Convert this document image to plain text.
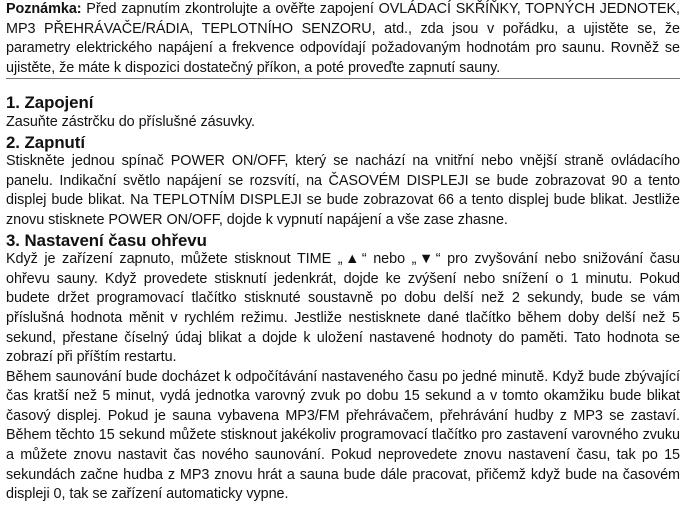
Poznámka: Před zapnutím zkontrolujte a ověřte zapojení OVLÁDACÍ SKŘÍŇKY, TOPNÝCH JEDNOTEK, MP3 PŘEHRÁVAČE/RÁDIA, TEPLOTNÍHO SENZORU, atd., zda jsou v pořádku, a ujistěte se, že parametry elektrického napájení a frekvence odpovídají požadovaným hodnotám pro saunu. Rovněž se ujistěte, že máte k dispozici dostatečný příkon, a poté proveďte zapnutí sauny.

1. Zapojení

Zasuňte zástrčku do příslušné zásuvky.

2. Zapnutí

Stiskněte jednou spínač POWER ON/OFF, který se nachází na vnitřní nebo vnější straně ovládacího panelu. Indikační světlo napájení se rozsvítí, na ČASOVÉM DISPLEJI se bude zobrazovat 90 a tento displej bude blikat. Na TEPLOTNÍM DISPLEJI se bude zobrazovat 66 a tento displej bude blikat. Jestliže znovu stisknete POWER ON/OFF, dojde k vypnutí napájení a vše zase zhasne.

3. Nastavení času ohřevu

Když je zařízení zapnuto, můžete stisknout TIME „▲“ nebo „▼“ pro zvyšování nebo snižování času ohřevu sauny. Když provedete stisknutí jedenkrát, dojde ke zvýšení nebo snížení o 1 minutu. Pokud budete držet programovací tlačítko stisknuté soustavně po dobu delší než 2 sekundy, bude se vám příslušná hodnota měnit v rychlém režimu. Jestliže nestisknete dané tlačítko během doby delší než 5 sekund, přestane číselný údaj blikat a dojde k uložení nastavené hodnoty do paměti. Tato hodnota se zobrazí při příštím restartu.

Během saunování bude docházet k odpočítávání nastaveného času po jedné minutě. Když bude zbývající čas kratší než 5 minut, vydá jednotka varovný zvuk po dobu 15 sekund a v tomto okamžiku bude blikat časový displej. Pokud je sauna vybavena MP3/FM přehrávačem, přehrávání hudby z MP3 se zastaví. Během těchto 15 sekund můžete stisknout jakékoliv programovací tlačítko pro zastavení varovného zvuku a můžete znovu nastavit čas nového saunování. Pokud neprovedete znovu nastavení času, tak po 15 sekundách začne hudba z MP3 znovu hrát a sauna bude dále pracovat, přičemž když bude na časovém displeji 0, tak se zařízení automaticky vypne.
